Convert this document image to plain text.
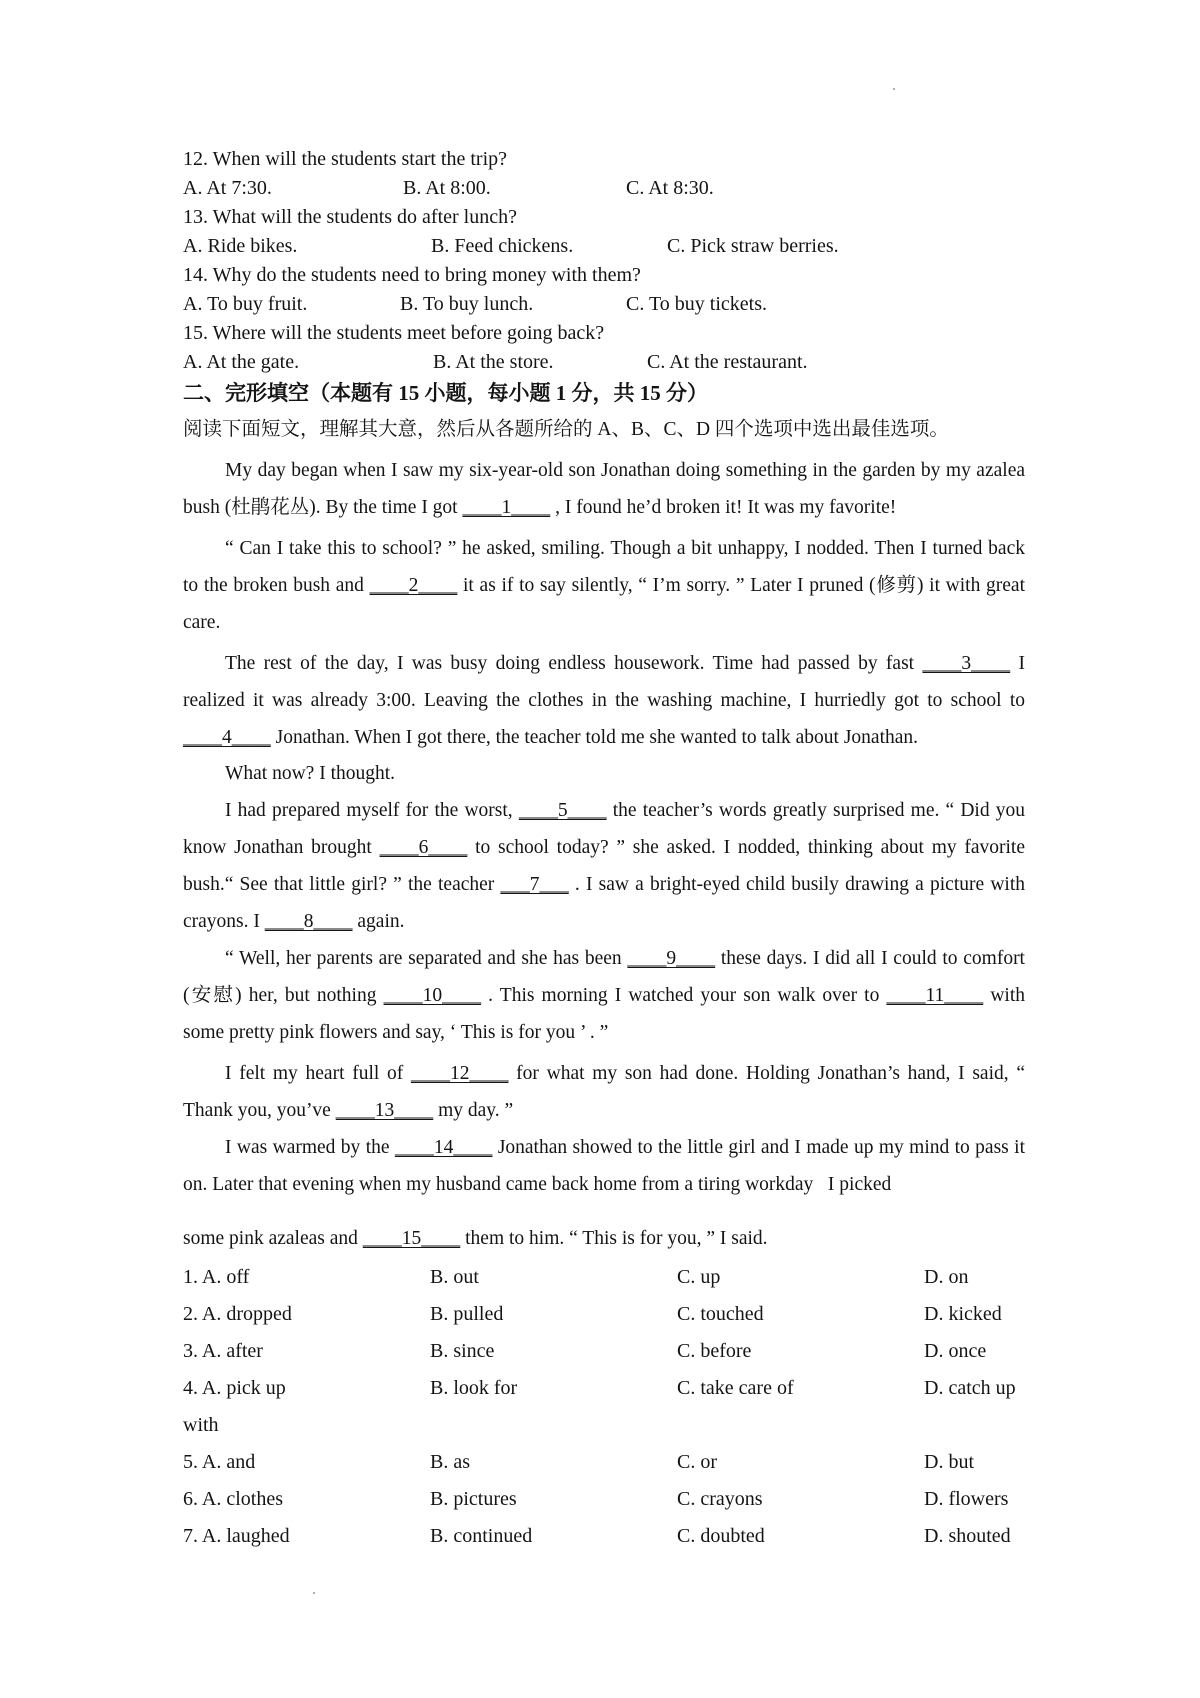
12. When will the students start the trip?
A. At 7:30.	B. At 8:00.	C. At 8:30.
13. What will the students do after lunch?
A. Ride bikes.	B. Feed chickens.	C. Pick straw berries.
14. Why do the students need to bring money with them?
A. To buy fruit.	B. To buy lunch.	C. To buy tickets.
15. Where will the students meet before going back?
A. At the gate.	B. At the store.	C. At the restaurant.
二、完形填空（本题有 15 小题，每小题 1 分，共 15 分）
阅读下面短文，理解其大意，然后从各题所给的 A、B、C、D 四个选项中选出最佳选项。
My day began when I saw my six-year-old son Jonathan doing something in the garden by my azalea bush (杜鹃花丛). By the time I got ____1____ , I found he’d broken it! It was my favorite!
“ Can I take this to school? ” he asked, smiling. Though a bit unhappy, I nodded. Then I turned back to the broken bush and ____2____ it as if to say silently, “ I’m sorry. ” Later I pruned (修剪) it with great care.
The rest of the day, I was busy doing endless housework. Time had passed by fast ____3____ I realized it was already 3:00. Leaving the clothes in the washing machine, I hurriedly got to school to ____4____ Jonathan. When I got there, the teacher told me she wanted to talk about Jonathan.
What now? I thought.
I had prepared myself for the worst, ____5____ the teacher’s words greatly surprised me. “ Did you know Jonathan brought ____6____ to school today? ” she asked. I nodded, thinking about my favorite bush.“ See that little girl? ” the teacher ___7___ . I saw a bright-eyed child busily drawing a picture with crayons. I ____8____ again.
“ Well, her parents are separated and she has been ____9____ these days. I did all I could to comfort (安慰) her, but nothing ____10____ . This morning I watched your son walk over to ____11____ with some pretty pink flowers and say, ‘ This is for you ’ . ”
I felt my heart full of ____12____ for what my son had done. Holding Jonathan’s hand, I said, “ Thank you, you’ve ____13____ my day. ”
I was warmed by the ____14____ Jonathan showed to the little girl and I made up my mind to pass it on. Later that evening when my husband came back home from a tiring workday   I picked
some pink azaleas and ____15____ them to him. “ This is for you, ” I said.
1. A. off	B. out	C. up	D. on
2. A. dropped	B. pulled	C. touched	D. kicked
3. A. after	B. since	C. before	D. once
4. A. pick up	B. look for	C. take care of	D. catch up
with
5. A. and	B. as	C. or	D. but
6. A. clothes	B. pictures	C. crayons	D. flowers
7. A. laughed	B. continued	C. doubted	D. shouted
